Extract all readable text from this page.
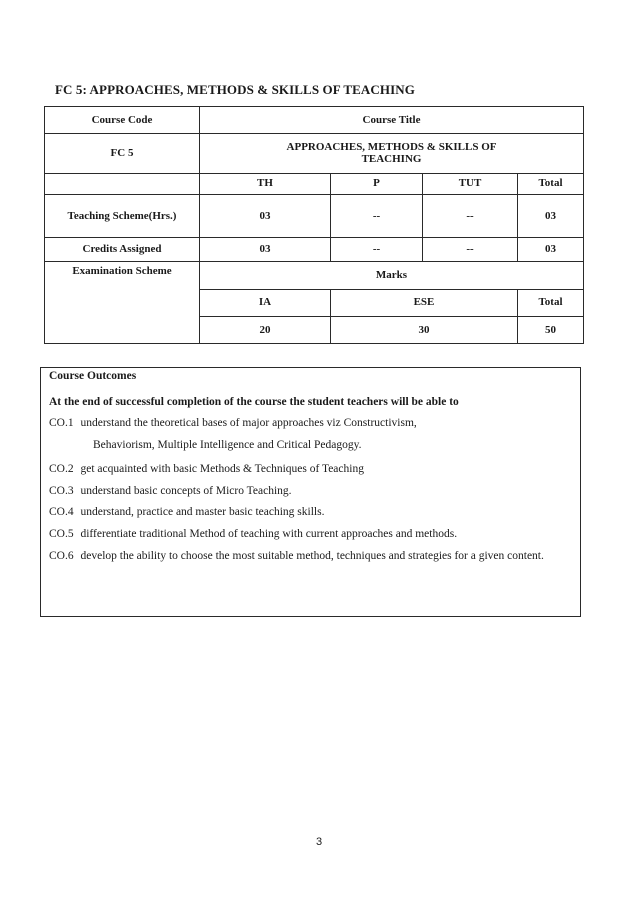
FC 5: APPROACHES, METHODS & SKILLS OF TEACHING
Course Code	Course Title			
FC 5	APPROACHES, METHODS & SKILLS OF TEACHING			

	TH	P	TUT	Total
Teaching Scheme(Hrs.)	03	--	--	03
Credits Assigned	03	--	--	03
Examination Scheme	Marks			
	IA	ESE		Total
	20	30		50
Course Outcomes
At the end of successful completion of the course the student teachers will be able to
CO.1 understand the theoretical bases of major approaches viz Constructivism,
Behaviorism, Multiple Intelligence and Critical Pedagogy.
CO.2 get acquainted with basic Methods & Techniques of Teaching
CO.3 understand basic concepts of Micro Teaching.
CO.4 understand, practice and master basic teaching skills.
CO.5 differentiate traditional Method of teaching with current approaches and methods.
CO.6 develop the ability to choose the most suitable method, techniques and strategies for a given content.
3
